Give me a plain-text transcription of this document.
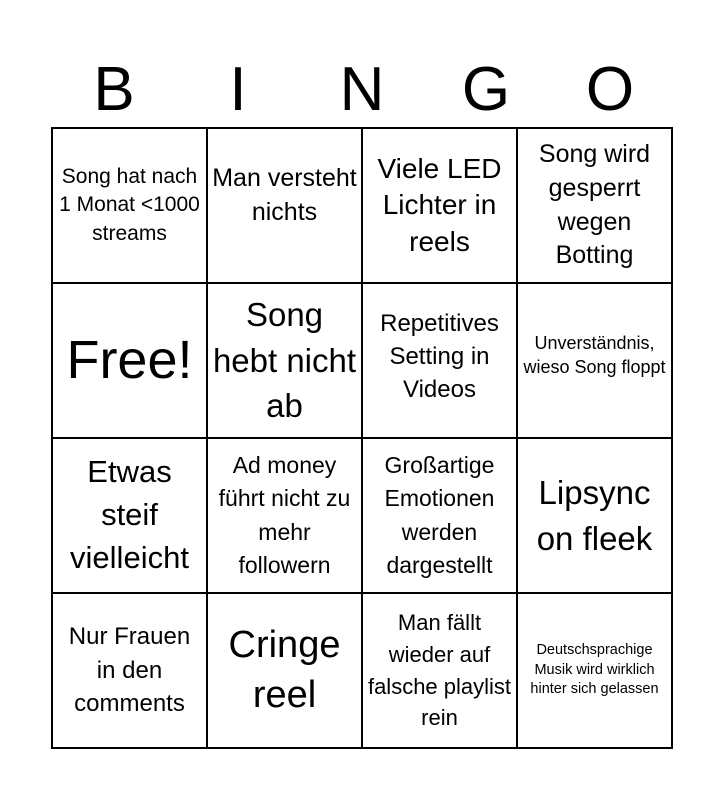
B	I	N	G	O
Song hat nach 1 Monat <1000 streams
Man versteht nichts
Viele LED Lichter in reels
Song wird gesperrt wegen Botting
Free!
Song hebt nicht ab
Repetitives Setting in Videos
Unverständnis, wieso Song floppt
Etwas steif vielleicht
Ad money führt nicht zu mehr followern
Großartige Emotionen werden dargestellt
Lipsync on fleek
Nur Frauen in den comments
Cringe reel
Man fällt wieder auf falsche playlist rein
Deutschsprachige Musik wird wirklich hinter sich gelassen
